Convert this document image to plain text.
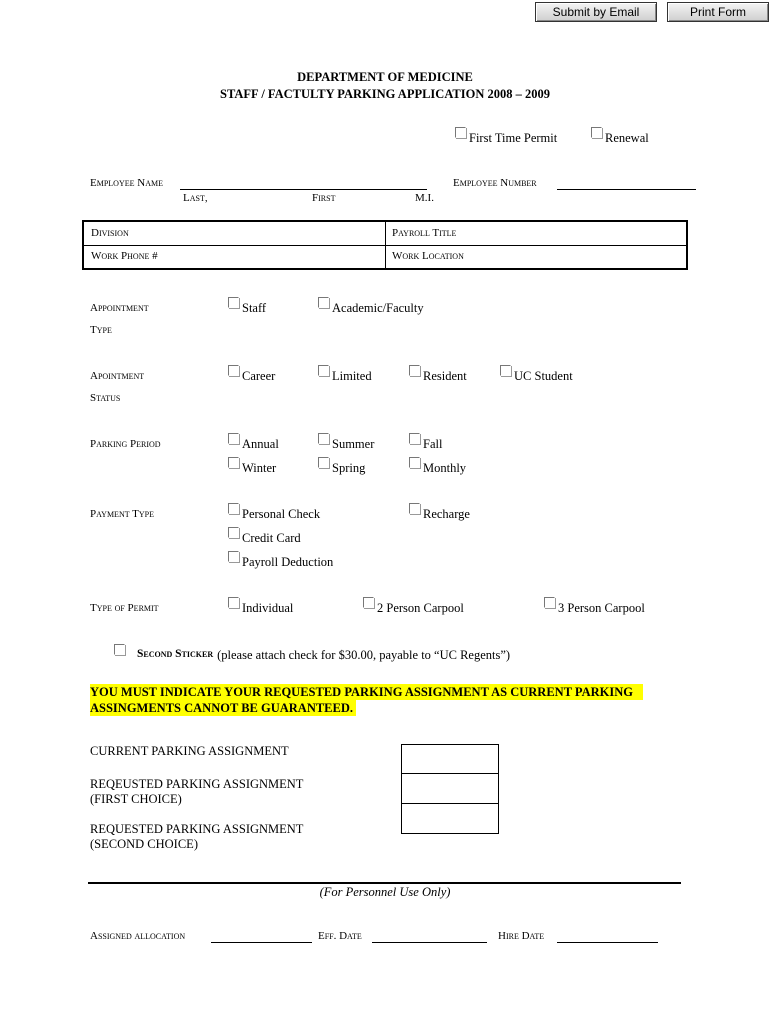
Submit by Email	Print Form
DEPARTMENT OF MEDICINE
STAFF / FACTULTY PARKING APPLICATION 2008 – 2009
First Time Permit	Renewal
Employee Name
Last,	First	M.I.
Employee Number
Division	Payroll Title
Work Phone #	Work Location
Appointment
Type
Staff	Academic/Faculty
Apointment
Status
Career	Limited	Resident	UC Student
Parking Period	Annual	Summer	Fall
Winter	Spring	Monthly
Payment Type	Personal Check	Recharge
Credit Card
Payroll Deduction
Type of Permit	Individual	2 Person Carpool	3 Person Carpool
Second Sticker (please attach check for $30.00, payable to “UC Regents”)
YOU MUST INDICATE YOUR REQUESTED PARKING ASSIGNMENT AS CURRENT PARKING
ASSINGMENTS CANNOT BE GUARANTEED.
CURRENT PARKING ASSIGNMENT
REQEUSTED PARKING ASSIGNMENT
(FIRST CHOICE)
REQUESTED PARKING ASSIGNMENT
(SECOND CHOICE)
(For Personnel Use Only)
Assigned allocation	Eff. Date	Hire Date
